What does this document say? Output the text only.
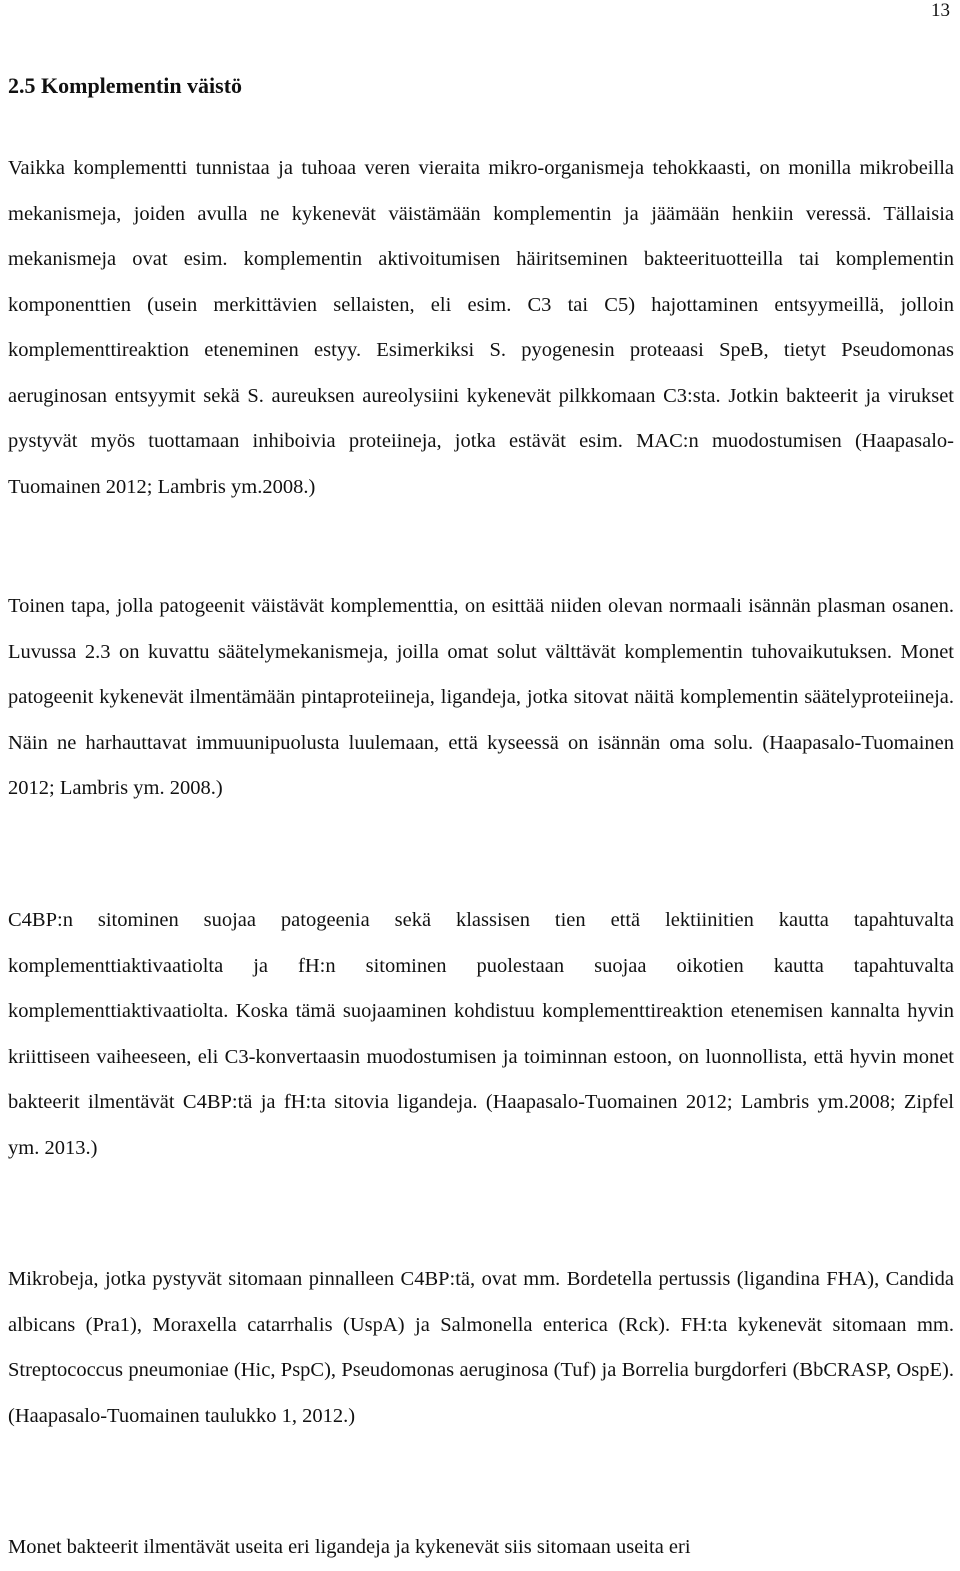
13
2.5 Komplementin väistö

Vaikka komplementti tunnistaa ja tuhoaa veren vieraita mikro-organismeja tehokkaasti, on monilla mikrobeilla mekanismeja, joiden avulla ne kykenevät väistämään komplementin ja jäämään henkiin veressä. Tällaisia mekanismeja ovat esim. komplementin aktivoitumisen häiritseminen bakteerituotteilla tai komplementin komponenttien (usein merkittävien sellaisten, eli esim. C3 tai C5) hajottaminen entsyymeillä, jolloin komplementtireaktion eteneminen estyy. Esimerkiksi S. pyogenesin proteaasi SpeB, tietyt Pseudomonas aeruginosan entsyymit sekä S. aureuksen aureolysiini kykenevät pilkkomaan C3:sta. Jotkin bakteerit ja virukset pystyvät myös tuottamaan inhiboivia proteiineja, jotka estävät esim. MAC:n muodostumisen (Haapasalo-Tuomainen 2012; Lambris ym.2008.)

Toinen tapa, jolla patogeenit väistävät komplementtia, on esittää niiden olevan normaali isännän plasman osanen. Luvussa 2.3 on kuvattu säätelymekanismeja, joilla omat solut välttävät komplementin tuhovaikutuksen. Monet patogeenit kykenevät ilmentämään pintaproteiineja, ligandeja, jotka sitovat näitä komplementin säätelyproteiineja. Näin ne harhauttavat immuunipuolusta luulemaan, että kyseessä on isännän oma solu. (Haapasalo-Tuomainen 2012; Lambris ym. 2008.)

C4BP:n sitominen suojaa patogeenia sekä klassisen tien että lektiinitien kautta tapahtuvalta komplementtiaktivaatiolta ja fH:n sitominen puolestaan suojaa oikotien kautta tapahtuvalta komplementtiaktivaatiolta. Koska tämä suojaaminen kohdistuu komplementtireaktion etenemisen kannalta hyvin kriittiseen vaiheeseen, eli C3-konvertaasin muodostumisen ja toiminnan estoon, on luonnollista, että hyvin monet bakteerit ilmentävät C4BP:tä ja fH:ta sitovia ligandeja. (Haapasalo-Tuomainen 2012; Lambris ym.2008; Zipfel ym. 2013.)

Mikrobeja, jotka pystyvät sitomaan pinnalleen C4BP:tä, ovat mm. Bordetella pertussis (ligandina FHA), Candida albicans (Pra1), Moraxella catarrhalis (UspA) ja Salmonella enterica (Rck). FH:ta kykenevät sitomaan mm. Streptococcus pneumoniae (Hic, PspC), Pseudomonas aeruginosa (Tuf) ja Borrelia burgdorferi (BbCRASP, OspE). (Haapasalo-Tuomainen taulukko 1, 2012.)

Monet bakteerit ilmentävät useita eri ligandeja ja kykenevät siis sitomaan useita eri
